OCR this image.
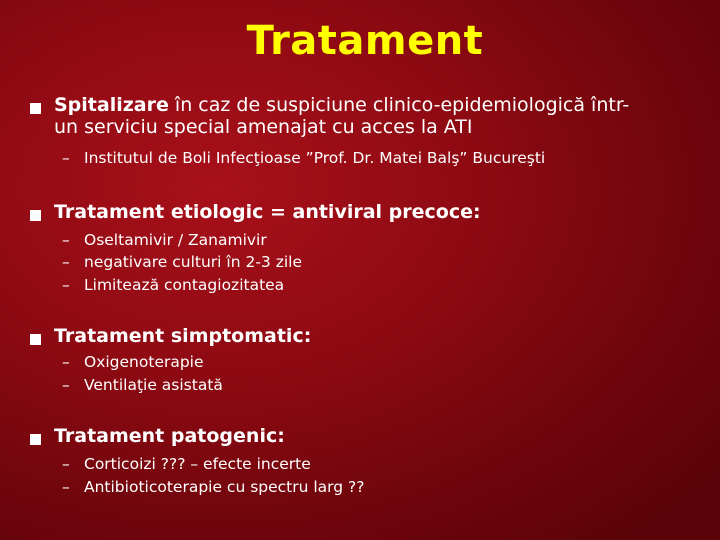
Tratament
Spitalizare în caz de suspiciune clinico-epidemiologică într-
un serviciu special amenajat cu acces la ATI
– Institutul de Boli Infecţioase ”Prof. Dr. Matei Balş” Bucureşti
Tratament etiologic = antiviral precoce:
– Oseltamivir / Zanamivir
– negativare culturi în 2-3 zile
– Limitează contagiozitatea
Tratament simptomatic:
– Oxigenoterapie
– Ventilaţie asistată
Tratament patogenic:
– Corticoizi ??? – efecte incerte
– Antibioticoterapie cu spectru larg ??
